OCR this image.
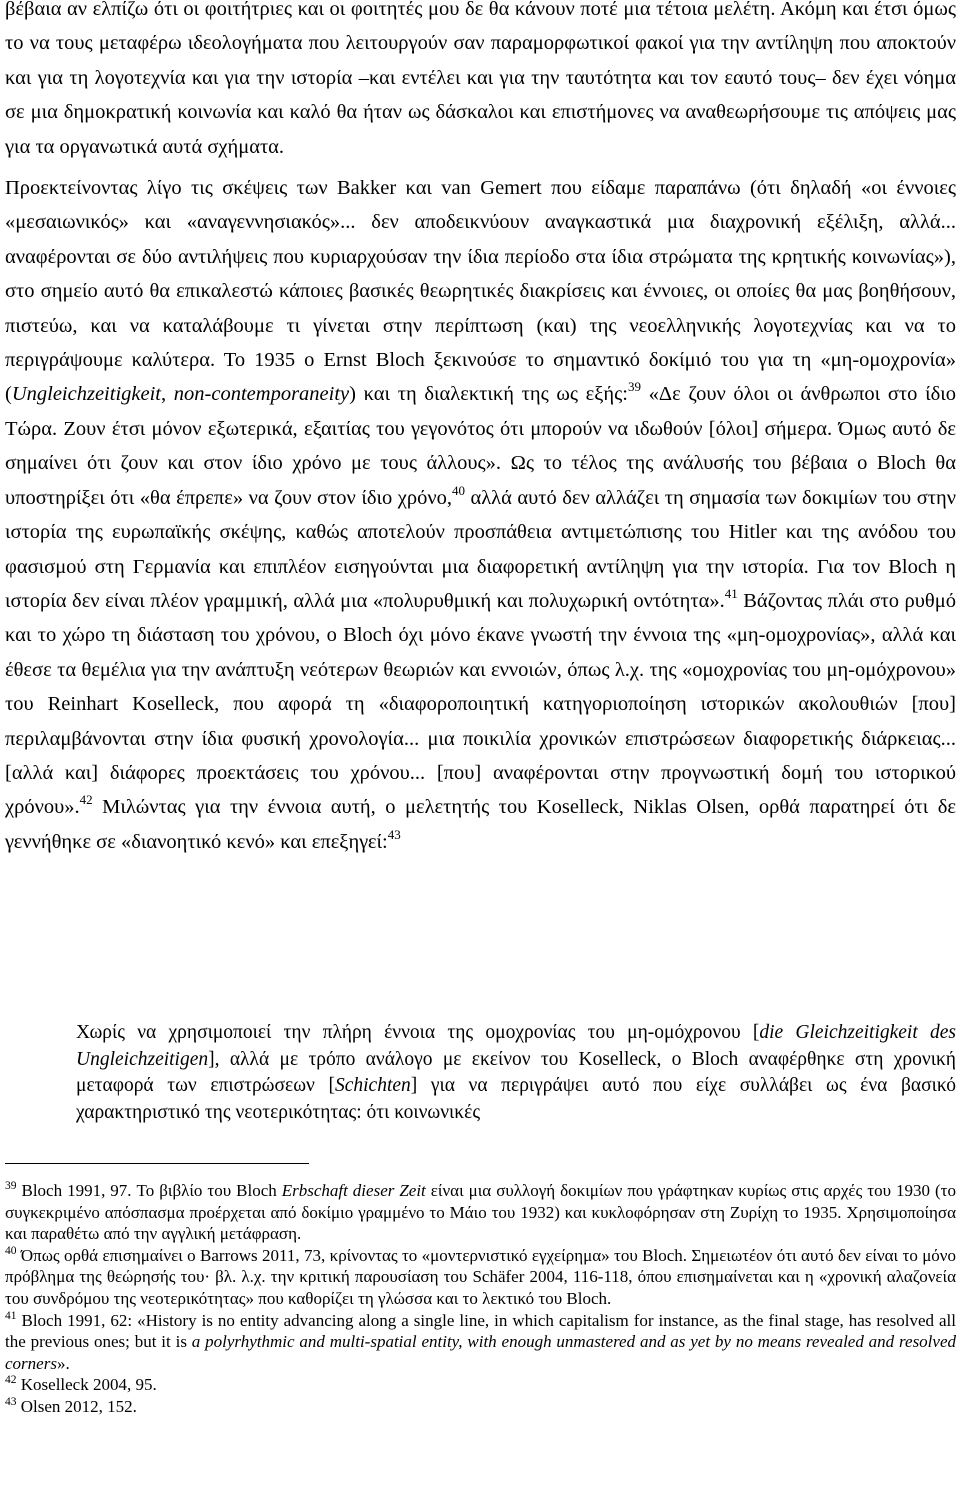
βέβαια αν ελπίζω ότι οι φοιτήτριες και οι φοιτητές μου δε θα κάνουν ποτέ μια τέτοια μελέτη. Ακόμη και έτσι όμως το να τους μεταφέρω ιδεολογήματα που λειτουργούν σαν παραμορφωτικοί φακοί για την αντίληψη που αποκτούν και για τη λογοτεχνία και για την ιστορία –και εντέλει και για την ταυτότητα και τον εαυτό τους– δεν έχει νόημα σε μια δημοκρατική κοινωνία και καλό θα ήταν ως δάσκαλοι και επιστήμονες να αναθεωρήσουμε τις απόψεις μας για τα οργανωτικά αυτά σχήματα.

Προεκτείνοντας λίγο τις σκέψεις των Bakker και van Gemert που είδαμε παραπάνω (ότι δηλαδή «οι έννοιες «μεσαιωνικός» και «αναγεννησιακός»... δεν αποδεικνύουν αναγκαστικά μια διαχρονική εξέλιξη, αλλά... αναφέρονται σε δύο αντιλήψεις που κυριαρχούσαν την ίδια περίοδο στα ίδια στρώματα της κρητικής κοινωνίας»), στο σημείο αυτό θα επικαλεστώ κάποιες βασικές θεωρητικές διακρίσεις και έννοιες, οι οποίες θα μας βοηθήσουν, πιστεύω, και να καταλάβουμε τι γίνεται στην περίπτωση (και) της νεοελληνικής λογοτεχνίας και να το περιγράψουμε καλύτερα. Το 1935 ο Ernst Bloch ξεκινούσε το σημαντικό δοκίμιό του για τη «μη-ομοχρονία» (Ungleichzeitigkeit, non-contemporaneity) και τη διαλεκτική της ως εξής:$^{39}$ «Δε ζουν όλοι οι άνθρωποι στο ίδιο Τώρα. Ζουν έτσι μόνον εξωτερικά, εξαιτίας του γεγονότος ότι μπορούν να ιδωθούν [όλοι] σήμερα. Όμως αυτό δε σημαίνει ότι ζουν και στον ίδιο χρόνο με τους άλλους». Ως το τέλος της ανάλυσής του βέβαια ο Bloch θα υποστηρίξει ότι «θα έπρεπε» να ζουν στον ίδιο χρόνο,$^{40}$ αλλά αυτό δεν αλλάζει τη σημασία των δοκιμίων του στην ιστορία της ευρωπαϊκής σκέψης, καθώς αποτελούν προσπάθεια αντιμετώπισης του Hitler και της ανόδου του φασισμού στη Γερμανία και επιπλέον εισηγούνται μια διαφορετική αντίληψη για την ιστορία. Για τον Bloch η ιστορία δεν είναι πλέον γραμμική, αλλά μια «πολυρυθμική και πολυχωρική οντότητα».$^{41}$ Βάζοντας πλάι στο ρυθμό και το χώρο τη διάσταση του χρόνου, ο Bloch όχι μόνο έκανε γνωστή την έννοια της «μη-ομοχρονίας», αλλά και έθεσε τα θεμέλια για την ανάπτυξη νεότερων θεωριών και εννοιών, όπως λ.χ. της «ομοχρονίας του μη-ομόχρονου» του Reinhart Koselleck, που αφορά τη «διαφοροποιητική κατηγοριοποίηση ιστορικών ακολουθιών [που] περιλαμβάνονται στην ίδια φυσική χρονολογία... μια ποικιλία χρονικών επιστρώσεων διαφορετικής διάρκειας... [αλλά και] διάφορες προεκτάσεις του χρόνου... [που] αναφέρονται στην προγνωστική δομή του ιστορικού χρόνου».$^{42}$ Μιλώντας για την έννοια αυτή, ο μελετητής του Koselleck, Niklas Olsen, ορθά παρατηρεί ότι δε γεννήθηκε σε «διανοητικό κενό» και επεξηγεί:$^{43}$

Χωρίς να χρησιμοποιεί την πλήρη έννοια της ομοχρονίας του μη-ομόχρονου [die Gleichzeitigkeit des Ungleichzeitigen], αλλά με τρόπο ανάλογο με εκείνον του Koselleck, ο Bloch αναφέρθηκε στη χρονική μεταφορά των επιστρώσεων [Schichten] για να περιγράψει αυτό που είχε συλλάβει ως ένα βασικό χαρακτηριστικό της νεοτερικότητας: ότι κοινωνικές

$^{39}$ Bloch 1991, 97. Το βιβλίο του Bloch Erbschaft dieser Zeit είναι μια συλλογή δοκιμίων που γράφτηκαν κυρίως στις αρχές του 1930 (το συγκεκριμένο απόσπασμα προέρχεται από δοκίμιο γραμμένο το Μάιο του 1932) και κυκλοφόρησαν στη Ζυρίχη το 1935. Χρησιμοποίησα και παραθέτω από την αγγλική μετάφραση.

$^{40}$ Όπως ορθά επισημαίνει ο Barrows 2011, 73, κρίνοντας το «μοντερνιστικό εγχείρημα» του Bloch. Σημειωτέον ότι αυτό δεν είναι το μόνο πρόβλημα της θεώρησής του· βλ. λ.χ. την κριτική παρουσίαση του Schäfer 2004, 116-118, όπου επισημαίνεται και η «χρονική αλαζονεία του συνδρόμου της νεοτερικότητας» που καθορίζει τη γλώσσα και το λεκτικό του Bloch.

$^{41}$ Bloch 1991, 62: «History is no entity advancing along a single line, in which capitalism for instance, as the final stage, has resolved all the previous ones; but it is a polyrhythmic and multi-spatial entity, with enough unmastered and as yet by no means revealed and resolved corners».

$^{42}$ Koselleck 2004, 95.

$^{43}$ Olsen 2012, 152.
